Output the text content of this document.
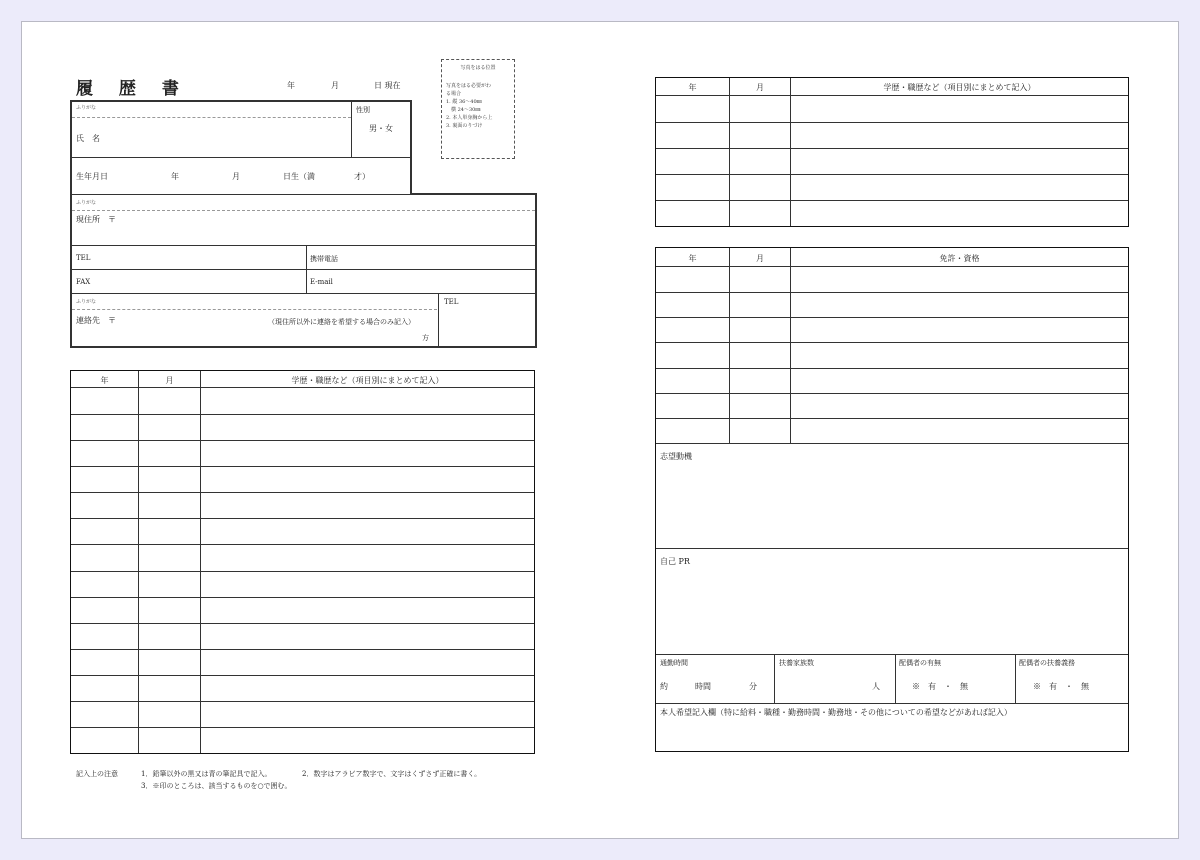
履 歴 書	年	月	日 現在
写真をはる位置
写真をはる必要がわ
る場合
1. 縦 36～40㎜
　横 24～30㎜
2. 本人単身胸から上
3. 裏面のりづけ
ふりがな
氏　名
性別
男・女
生年月日	年	月	日生（満	才）
ふりがな
現住所　〒
TEL	携帯電話
FAX	E-mail
ふりがな
連絡先　〒	（現住所以外に連絡を希望する場合のみ記入）
方
TEL
年	月	学歴・職歴など（項目別にまとめて記入）
記入上の注意	1．鉛筆以外の黒又は青の筆記具で記入。	2．数字はアラビア数字で、文字はくずさず正確に書く。
3．※印のところは、該当するものを○で囲む。
年	月	学歴・職歴など（項目別にまとめて記入）
年	月	免許・資格
志望動機
自己 PR
通勤時間
約	時間	分
扶養家族数
人
配偶者の有無
※　有　・　無
配偶者の扶養義務
※　有　・　無
本人希望記入欄（特に給料・職種・勤務時間・勤務地・その他についての希望などがあれば記入）
